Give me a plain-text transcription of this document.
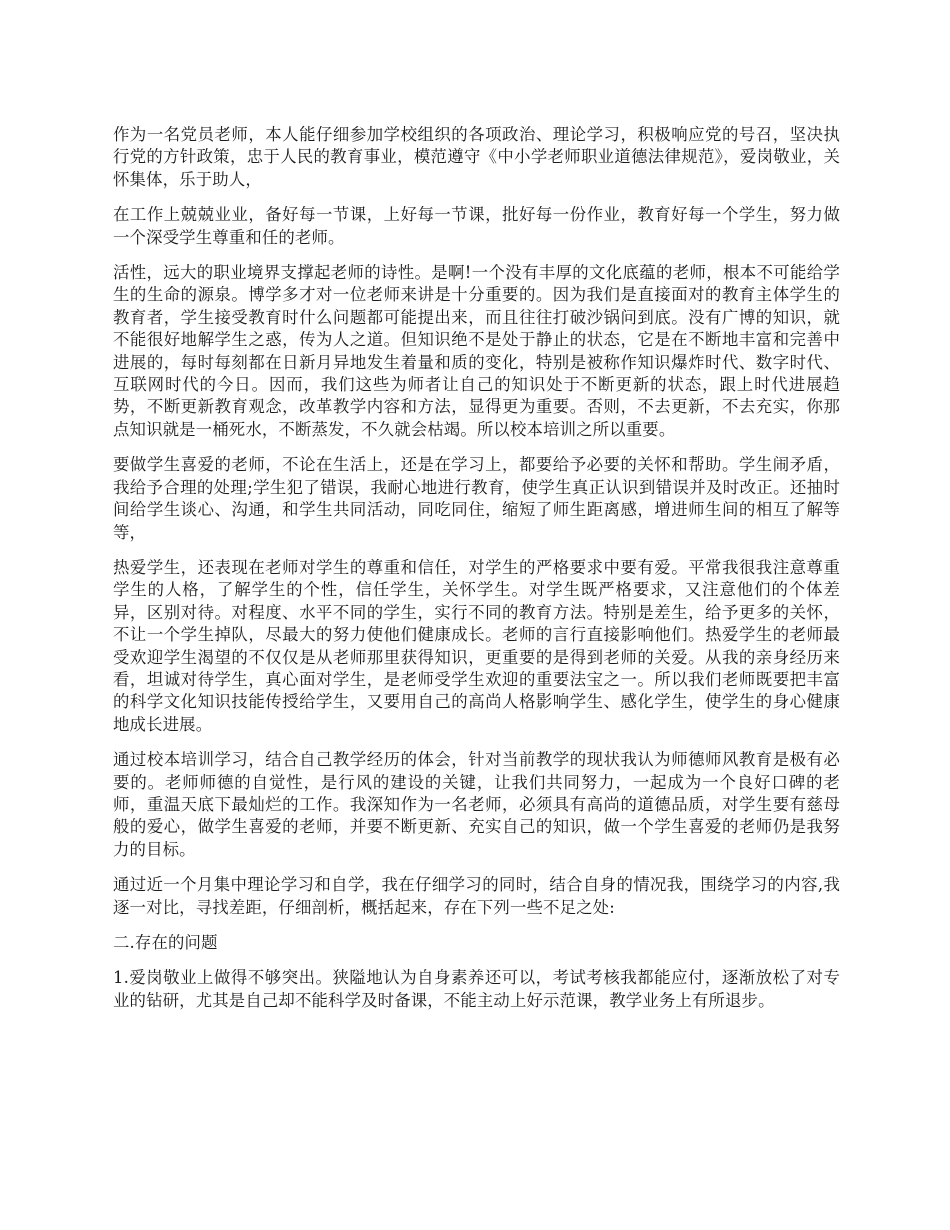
作为一名党员老师，本人能仔细参加学校组织的各项政治、理论学习，积极响应党的号召，坚决执行党的方针政策，忠于人民的教育事业，模范遵守《中小学老师职业道德法律规范》，爱岗敬业，关怀集体，乐于助人，

在工作上兢兢业业，备好每一节课，上好每一节课，批好每一份作业，教育好每一个学生，努力做一个深受学生尊重和任的老师。

活性，远大的职业境界支撑起老师的诗性。是啊!一个没有丰厚的文化底蕴的老师，根本不可能给学生的生命的源泉。博学多才对一位老师来讲是十分重要的。因为我们是直接面对的教育主体学生的教育者，学生接受教育时什么问题都可能提出来，而且往往打破沙锅问到底。没有广博的知识，就不能很好地解学生之惑，传为人之道。但知识绝不是处于静止的状态，它是在不断地丰富和完善中进展的，每时每刻都在日新月异地发生着量和质的变化，特别是被称作知识爆炸时代、数字时代、互联网时代的今日。因而，我们这些为师者让自己的知识处于不断更新的状态，跟上时代进展趋势，不断更新教育观念，改革教学内容和方法，显得更为重要。否则，不去更新，不去充实，你那点知识就是一桶死水，不断蒸发，不久就会枯竭。所以校本培训之所以重要。

要做学生喜爱的老师，不论在生活上，还是在学习上，都要给予必要的关怀和帮助。学生闹矛盾，我给予合理的处理;学生犯了错误，我耐心地进行教育，使学生真正认识到错误并及时改正。还抽时间给学生谈心、沟通，和学生共同活动，同吃同住，缩短了师生距离感，增进师生间的相互了解等等，

热爱学生，还表现在老师对学生的尊重和信任，对学生的严格要求中要有爱。平常我很我注意尊重学生的人格，了解学生的个性，信任学生，关怀学生。对学生既严格要求，又注意他们的个体差异，区别对待。对程度、水平不同的学生，实行不同的教育方法。特别是差生，给予更多的关怀，不让一个学生掉队，尽最大的努力使他们健康成长。老师的言行直接影响他们。热爱学生的老师最受欢迎学生渴望的不仅仅是从老师那里获得知识，更重要的是得到老师的关爱。从我的亲身经历来看，坦诚对待学生，真心面对学生，是老师受学生欢迎的重要法宝之一。所以我们老师既要把丰富的科学文化知识技能传授给学生，又要用自己的高尚人格影响学生、感化学生，使学生的身心健康地成长进展。

通过校本培训学习，结合自己教学经历的体会，针对当前教学的现状我认为师德师风教育是极有必要的。老师师德的自觉性，是行风的建设的关键，让我们共同努力，一起成为一个良好口碑的老师，重温天底下最灿烂的工作。我深知作为一名老师，必须具有高尚的道德品质，对学生要有慈母般的爱心，做学生喜爱的老师，并要不断更新、充实自己的知识，做一个学生喜爱的老师仍是我努力的目标。

通过近一个月集中理论学习和自学，我在仔细学习的同时，结合自身的情况我，围绕学习的内容,我逐一对比，寻找差距，仔细剖析，概括起来，存在下列一些不足之处:

二.存在的问题

1.爱岗敬业上做得不够突出。狭隘地认为自身素养还可以，考试考核我都能应付，逐渐放松了对专业的钻研，尤其是自己却不能科学及时备课，不能主动上好示范课，教学业务上有所退步。
